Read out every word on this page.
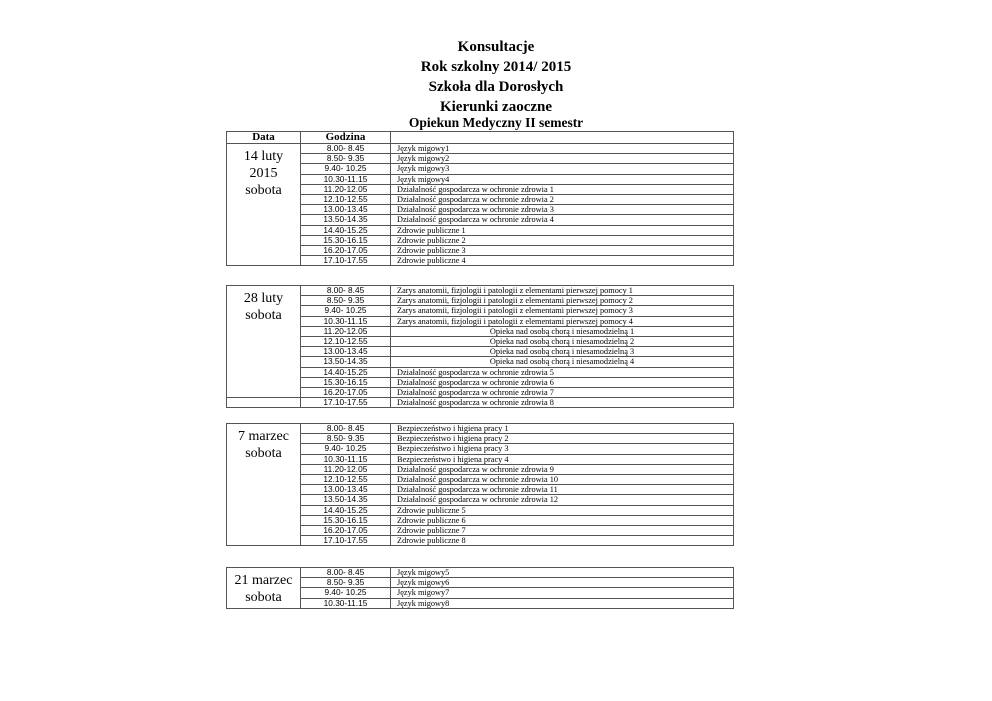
Konsultacje
Rok szkolny 2014/ 2015
Szkoła dla Dorosłych
Kierunki zaoczne
Opiekun Medyczny II semestr
Data	Godzina	

14 luty
2015
sobota	8.00- 8.45	Język migowy1
	8.50- 9.35	Język migowy2
	9.40- 10.25	Język migowy3
	10.30-11.15	Język migowy4
	11.20-12.05	Działalność gospodarcza w ochronie zdrowia 1
	12.10-12.55	Działalność gospodarcza w ochronie zdrowia 2
	13.00-13.45	Działalność gospodarcza w ochronie zdrowia 3
	13.50-14.35	Działalność gospodarcza w ochronie zdrowia 4
	14.40-15.25	Zdrowie publiczne 1
	15.30-16.15	Zdrowie publiczne 2
	16.20-17.05	Zdrowie publiczne 3
	17.10-17.55	Zdrowie publiczne 4
28 luty
sobota	8.00- 8.45	Zarys anatomii, fizjologii i patologii z elementami pierwszej pomocy 1
	8.50- 9.35	Zarys anatomii, fizjologii i patologii z elementami pierwszej pomocy 2
	9.40- 10.25	Zarys anatomii, fizjologii i patologii z elementami pierwszej pomocy 3
	10.30-11.15	Zarys anatomii, fizjologii i patologii z elementami pierwszej pomocy 4
	11.20-12.05	Opieka nad osobą chorą i niesamodzielną 1
	12.10-12.55	Opieka nad osobą chorą i niesamodzielną 2
	13.00-13.45	Opieka nad osobą chorą i niesamodzielną 3
	13.50-14.35	Opieka nad osobą chorą i niesamodzielną 4
	14.40-15.25	Działalność gospodarcza w ochronie zdrowia 5
	15.30-16.15	Działalność gospodarcza w ochronie zdrowia 6
	16.20-17.05	Działalność gospodarcza w ochronie zdrowia 7
	17.10-17.55	Działalność gospodarcza w ochronie zdrowia 8
7 marzec
sobota	8.00- 8.45	Bezpieczeństwo i higiena pracy 1
	8.50- 9.35	Bezpieczeństwo i higiena pracy 2
	9.40- 10.25	Bezpieczeństwo i higiena pracy 3
	10.30-11.15	Bezpieczeństwo i higiena pracy 4
	11.20-12.05	Działalność gospodarcza w ochronie zdrowia 9
	12.10-12.55	Działalność gospodarcza w ochronie zdrowia 10
	13.00-13.45	Działalność gospodarcza w ochronie zdrowia 11
	13.50-14.35	Działalność gospodarcza w ochronie zdrowia 12
	14.40-15.25	Zdrowie publiczne 5
	15.30-16.15	Zdrowie publiczne 6
	16.20-17.05	Zdrowie publiczne 7
	17.10-17.55	Zdrowie publiczne 8
21 marzec
sobota	8.00- 8.45	Język migowy5
	8.50- 9.35	Język migowy6
	9.40- 10.25	Język migowy7
	10.30-11.15	Język migowy8
